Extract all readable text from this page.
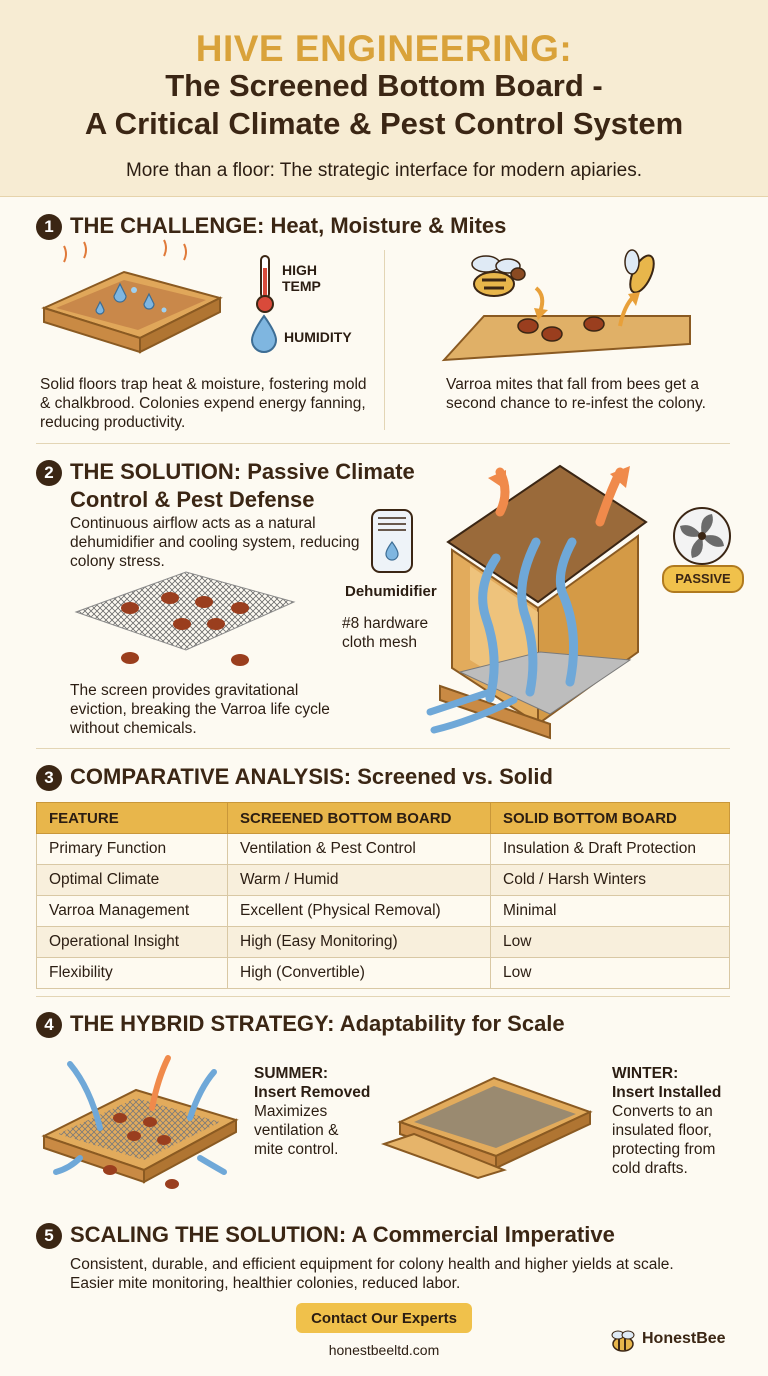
HIVE ENGINEERING:
The Screened Bottom Board -
A Critical Climate & Pest Control System
More than a floor: The strategic interface for modern apiaries.
1 THE CHALLENGE: Heat, Moisture & Mites
HIGH
TEMP
HUMIDITY
Solid floors trap heat & moisture, fostering mold & chalkbrood. Colonies expend energy fanning, reducing productivity.
Varroa mites that fall from bees get a second chance to re-infest the colony.
2 THE SOLUTION: Passive Climate
Control & Pest Defense
Continuous airflow acts as a natural dehumidifier and cooling system, reducing colony stress.
The screen provides gravitational eviction, breaking the Varroa life cycle without chemicals.
Dehumidifier
#8 hardware
cloth mesh
PASSIVE
3 COMPARATIVE ANALYSIS: Screened vs. Solid
FEATURE	SCREENED BOTTOM BOARD	SOLID BOTTOM BOARD
Primary Function	Ventilation & Pest Control	Insulation & Draft Protection
Optimal Climate	Warm / Humid	Cold / Harsh Winters
Varroa Management	Excellent (Physical Removal)	Minimal
Operational Insight	High (Easy Monitoring)	Low
Flexibility	High (Convertible)	Low
4 THE HYBRID STRATEGY: Adaptability for Scale
SUMMER:
Insert Removed
Maximizes ventilation & mite control.
WINTER:
Insert Installed
Converts to an insulated floor, protecting from cold drafts.
5 SCALING THE SOLUTION: A Commercial Imperative
Consistent, durable, and efficient equipment for colony health and higher yields at scale. Easier mite monitoring, healthier colonies, reduced labor.
Contact Our Experts
honestbeeltd.com
HonestBee
